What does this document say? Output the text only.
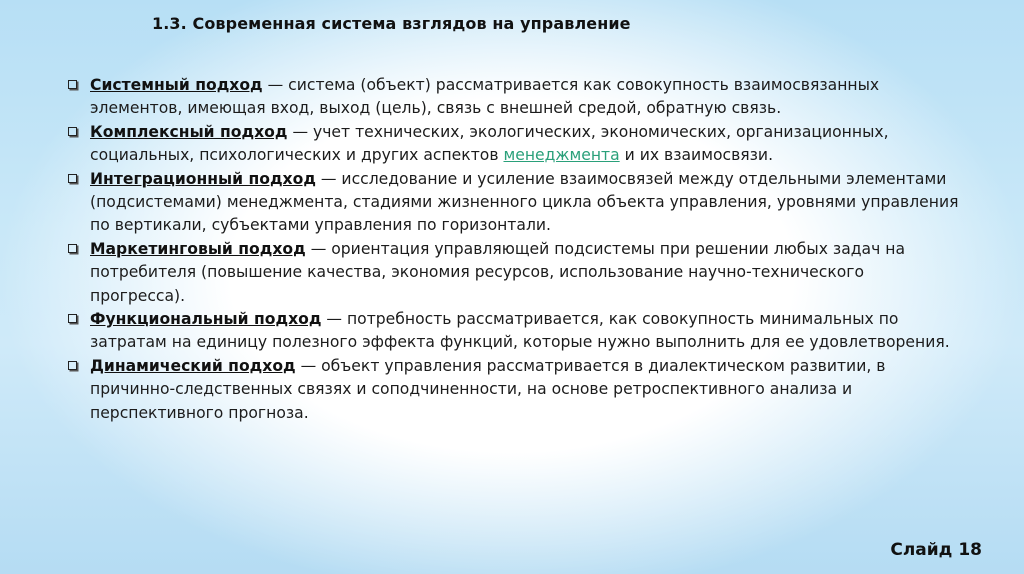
1.3. Современная система взглядов на управление
Системный подход — система (объект) рассматривается как совокупность взаимосвязанных элементов, имеющая вход, выход (цель), связь с внешней средой, обратную связь.
Комплексный подход — учет технических, экологических, экономических, организационных, социальных, психологических и других аспектов менеджмента и их взаимосвязи.
Интеграционный подход — исследование и усиление взаимосвязей между отдельными элементами (подсистемами) менеджмента, стадиями жизненного цикла объекта управления, уровнями управления по вертикали, субъектами управления по горизонтали.
Маркетинговый подход — ориентация управляющей подсистемы при решении любых задач на потребителя (повышение качества, экономия ресурсов, использование научно-технического прогресса).
Функциональный подход — потребность рассматривается, как совокупность минимальных по затратам на единицу полезного эффекта функций, которые нужно выполнить для ее удовлетворения.
Динамический подход — объект управления рассматривается в диалектическом развитии, в причинно-следственных связях и соподчиненности, на основе ретроспективного анализа и перспективного прогноза.
Слайд 18
